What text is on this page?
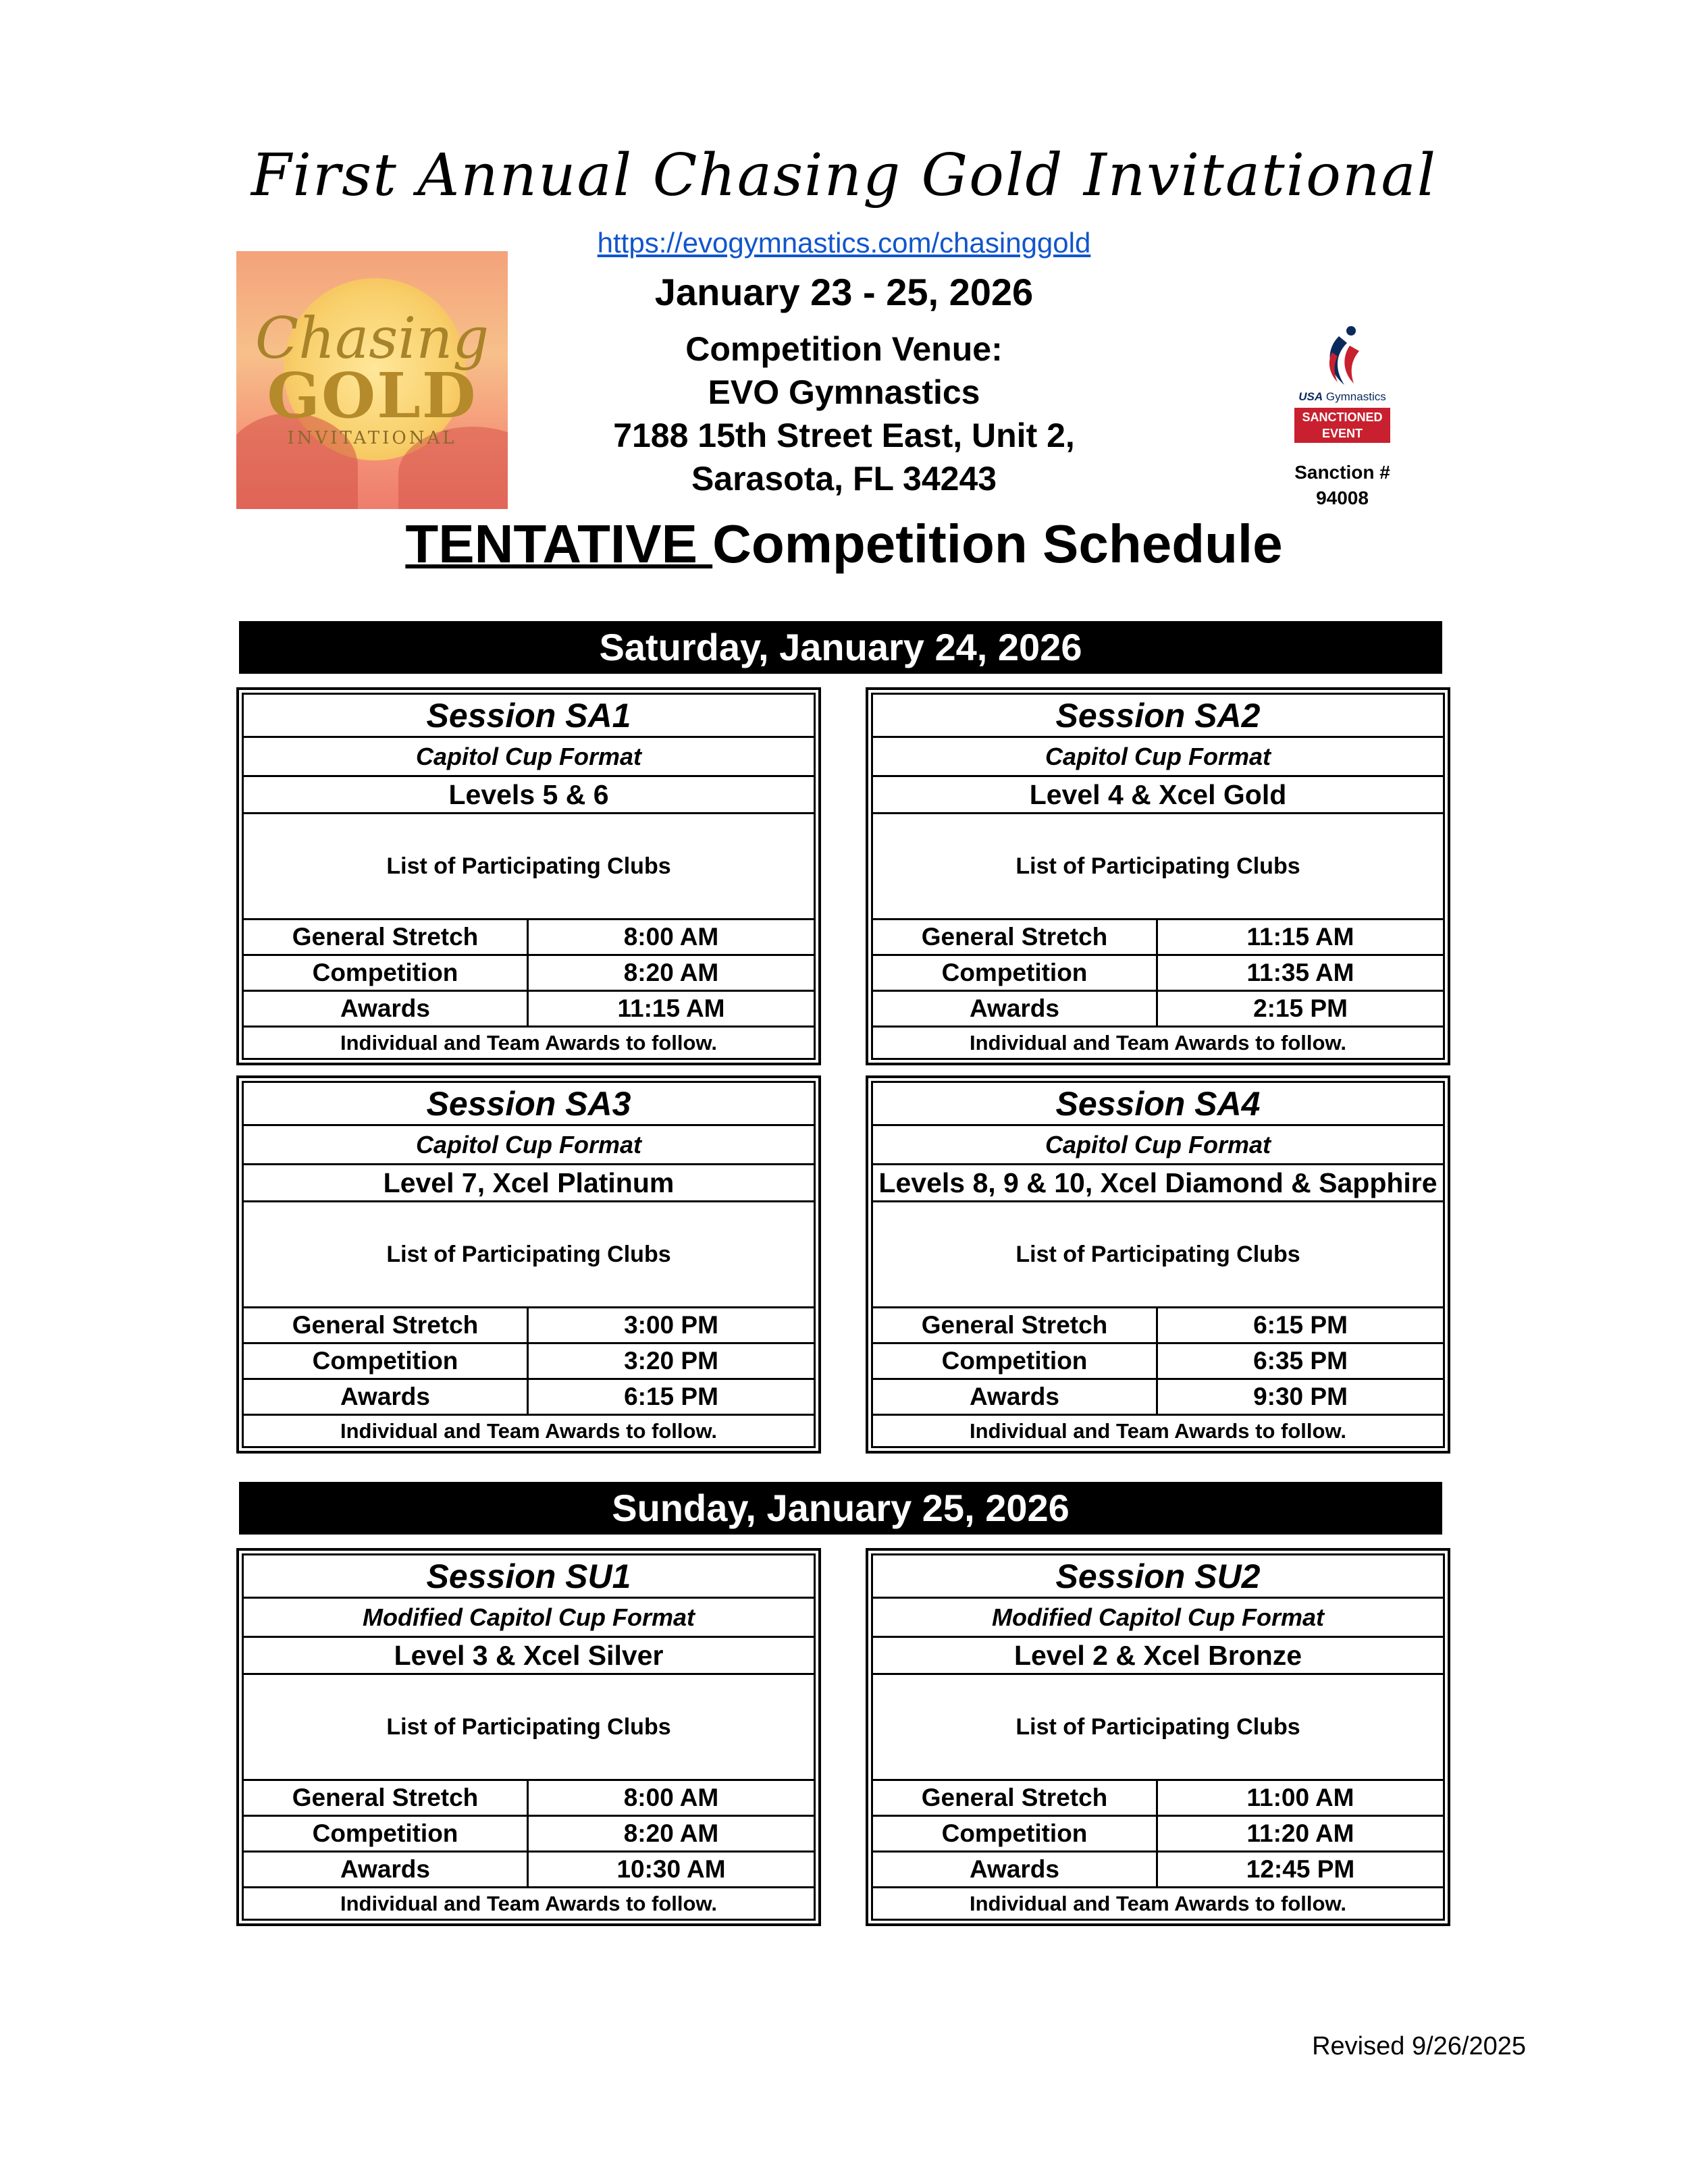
First Annual Chasing Gold Invitational
https://evogymnastics.com/chasinggold
Chasing
GOLD
INVITATIONAL
January 23 - 25, 2026
Competition Venue:
EVO Gymnastics
7188 15th Street East, Unit 2,
Sarasota, FL 34243
USA Gymnastics
SANCTIONED
EVENT
Sanction #
94008
TENTATIVE Competition Schedule
Saturday, January 24, 2026
Session SA1
Capitol Cup Format
Levels 5 & 6
List of Participating Clubs
General Stretch	8:00 AM
Competition	8:20 AM
Awards	11:15 AM
Individual and Team Awards to follow.
Session SA2
Capitol Cup Format
Level 4 & Xcel Gold
List of Participating Clubs
General Stretch	11:15 AM
Competition	11:35 AM
Awards	2:15 PM
Individual and Team Awards to follow.
Session SA3
Capitol Cup Format
Level 7, Xcel Platinum
List of Participating Clubs
General Stretch	3:00 PM
Competition	3:20 PM
Awards	6:15 PM
Individual and Team Awards to follow.
Session SA4
Capitol Cup Format
Levels 8, 9 & 10, Xcel Diamond & Sapphire
List of Participating Clubs
General Stretch	6:15 PM
Competition	6:35 PM
Awards	9:30 PM
Individual and Team Awards to follow.
Sunday, January 25, 2026
Session SU1
Modified Capitol Cup Format
Level 3 & Xcel Silver
List of Participating Clubs
General Stretch	8:00 AM
Competition	8:20 AM
Awards	10:30 AM
Individual and Team Awards to follow.
Session SU2
Modified Capitol Cup Format
Level 2 & Xcel Bronze
List of Participating Clubs
General Stretch	11:00 AM
Competition	11:20 AM
Awards	12:45 PM
Individual and Team Awards to follow.
Revised 9/26/2025
